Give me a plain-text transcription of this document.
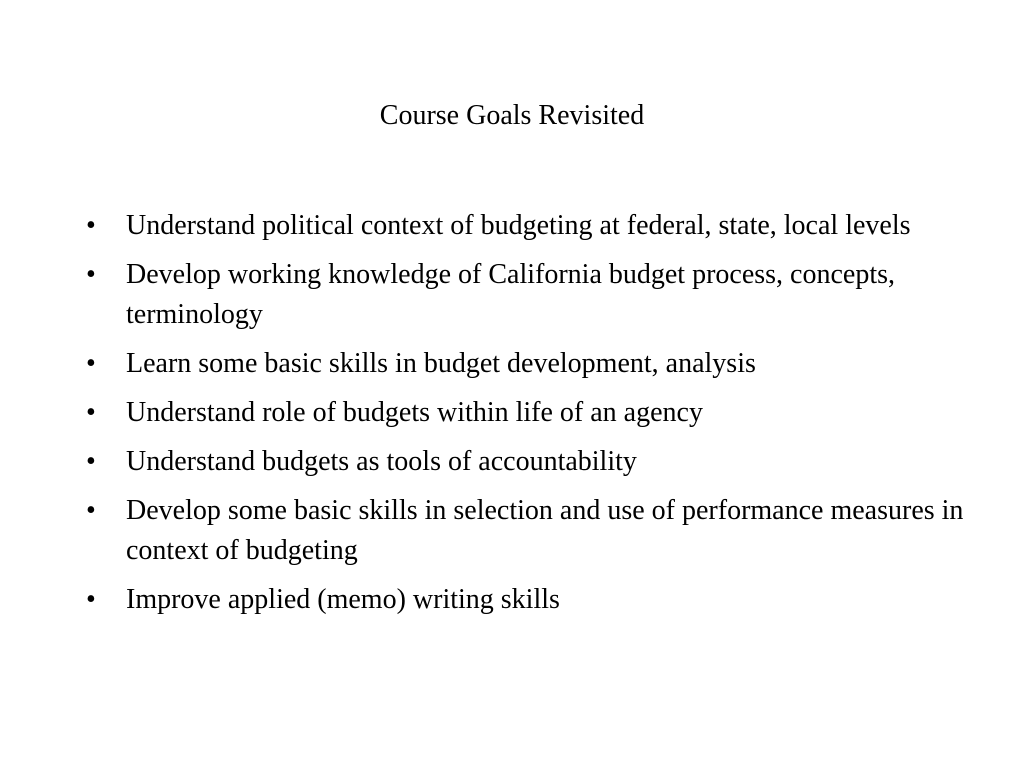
Course Goals Revisited
•	Understand political context of budgeting at federal, state, local levels
•	Develop working knowledge of California budget process, concepts, terminology
•	Learn some basic skills in budget development, analysis
•	Understand role of budgets within life of an agency
•	Understand budgets as tools of accountability
•	Develop some basic skills in selection and use of performance measures in context of budgeting
•	Improve applied (memo) writing skills
